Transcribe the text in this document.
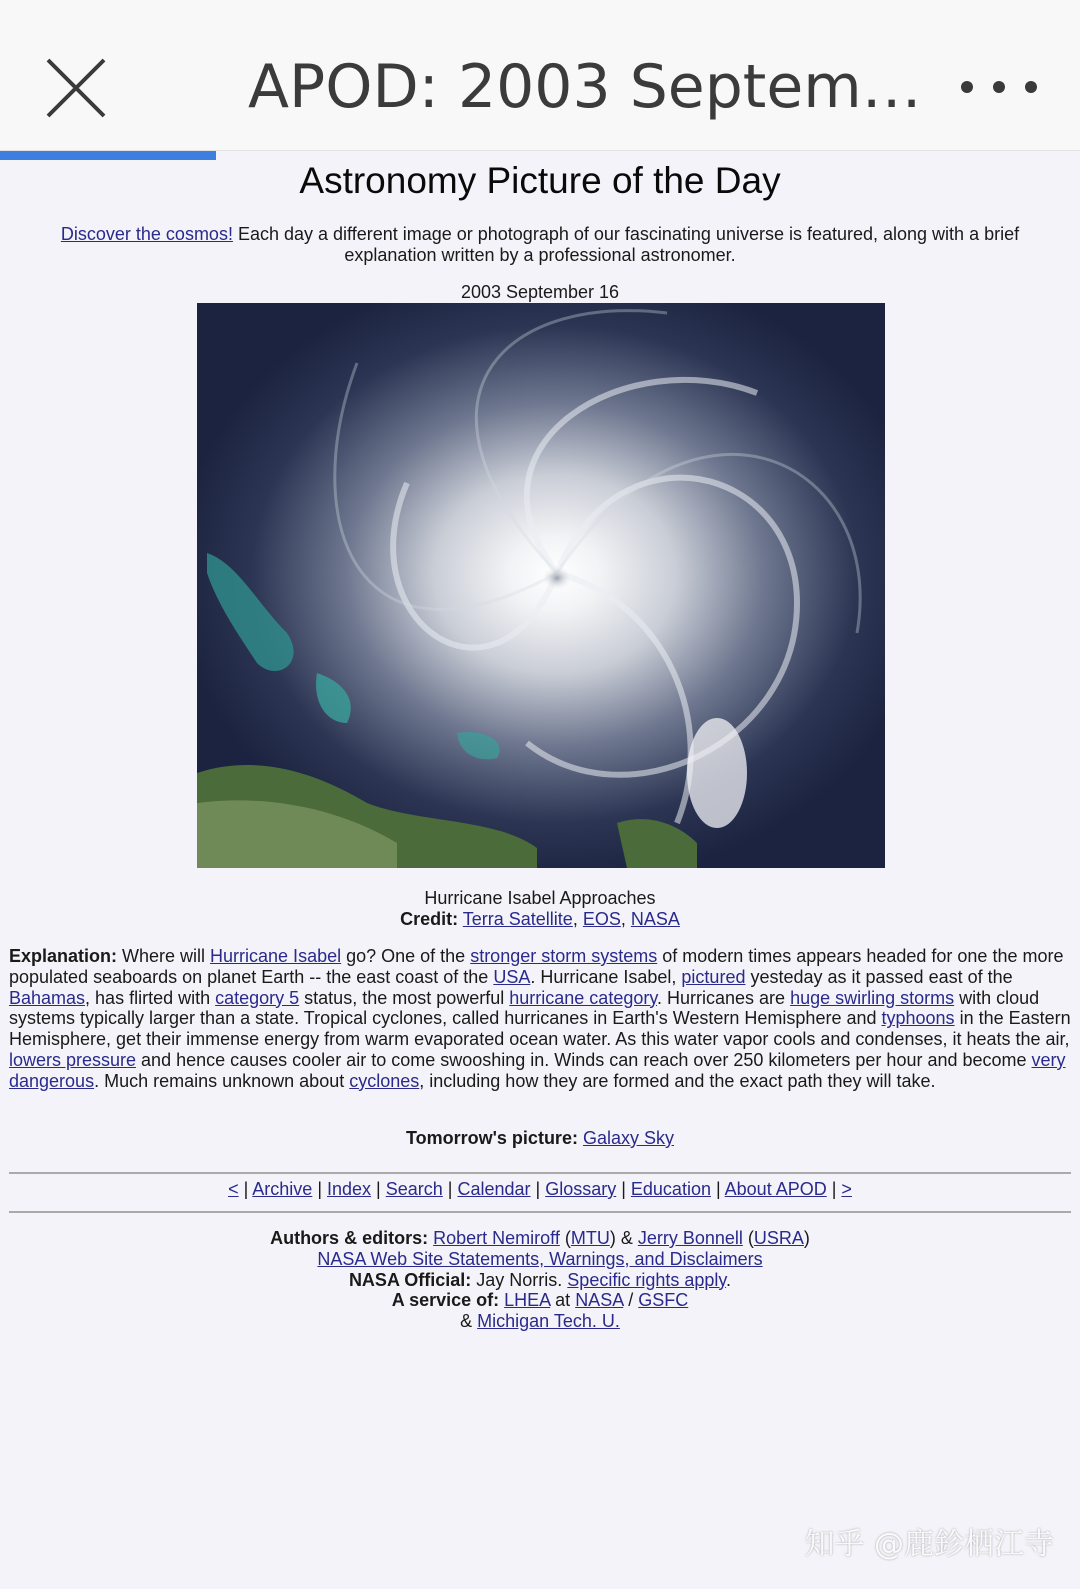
APOD: 2003 Septem…
Astronomy Picture of the Day
Discover the cosmos! Each day a different image or photograph of our fascinating universe is featured, along with a brief explanation written by a professional astronomer.
2003 September 16
Hurricane Isabel Approaches
Credit: Terra Satellite, EOS, NASA
Explanation: Where will Hurricane Isabel go? One of the stronger storm systems of modern times appears headed for one the more populated seaboards on planet Earth -- the east coast of the USA. Hurricane Isabel, pictured yesteday as it passed east of the Bahamas, has flirted with category 5 status, the most powerful hurricane category. Hurricanes are huge swirling storms with cloud systems typically larger than a state. Tropical cyclones, called hurricanes in Earth's Western Hemisphere and typhoons in the Eastern Hemisphere, get their immense energy from warm evaporated ocean water. As this water vapor cools and condenses, it heats the air, lowers pressure and hence causes cooler air to come swooshing in. Winds can reach over 250 kilometers per hour and become very dangerous. Much remains unknown about cyclones, including how they are formed and the exact path they will take.
Tomorrow's picture: Galaxy Sky
< | Archive | Index | Search | Calendar | Glossary | Education | About APOD | >
Authors & editors: Robert Nemiroff (MTU) & Jerry Bonnell (USRA)
NASA Web Site Statements, Warnings, and Disclaimers
NASA Official: Jay Norris. Specific rights apply.
A service of: LHEA at NASA / GSFC
& Michigan Tech. U.
知乎 @鹿鉁栖江寺
